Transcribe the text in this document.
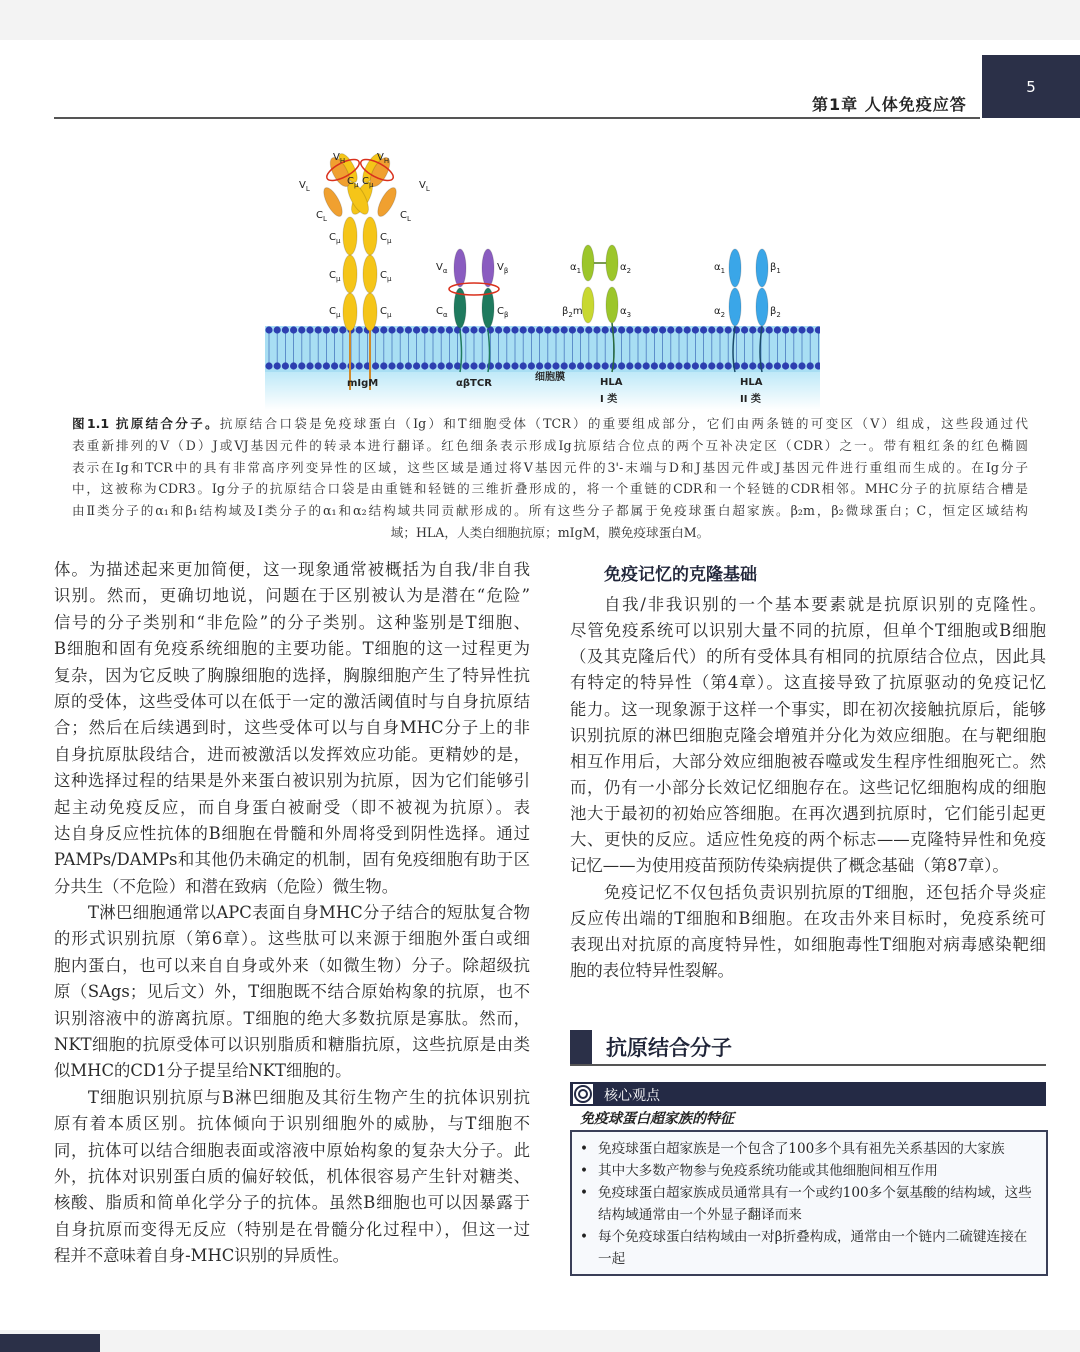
第1章 人体免疫应答
5
$V_H$	$V_H$
$V_L$	$V_L$
$C_\mu$ $C_\mu$
$C_L$	$C_L$
$C_\mu$	$C_\mu$
$C_\mu$	$C_\mu$
$C_\mu$	$C_\mu$
$V_\alpha$	$V_\beta$
$C_\alpha$	$C_\beta$
$\alpha_1$	$\alpha_2$
$\beta_2m$	$\alpha_3$
$\alpha_1$	$\beta_1$
$\alpha_2$	$\beta_2$
mIgM	αβTCR
细胞膜	HLA
I 类
HLA
II 类
图1.1 抗原结合分子。抗原结合口袋是免疫球蛋白（Ig）和T细胞受体（TCR）的重要组成部分，它们由两条链的可变区（V）组成，这些段通过代
表重新排列的V（D）J或VJ基因元件的转录本进行翻译。红色细条表示形成Ig抗原结合位点的两个互补决定区（CDR）之一。带有粗红条的红色椭圆
表示在Ig和TCR中的具有非常高序列变异性的区域，这些区域是通过将V基因元件的3'-末端与D和J基因元件或J基因元件进行重组而生成的。在Ig分子
中，这被称为CDR3。Ig分子的抗原结合口袋是由重链和轻链的三维折叠形成的，将一个重链的CDR和一个轻链的CDR相邻。MHC分子的抗原结合槽是
由Ⅱ类分子的α₁和β₁结构域及Ⅰ类分子的α₁和α₂结构域共同贡献形成的。所有这些分子都属于免疫球蛋白超家族。β₂m，β₂微球蛋白；C，恒定区域结构
域；HLA，人类白细胞抗原；mIgM，膜免疫球蛋白M。
体。为描述起来更加简便，这一现象通常被概括为自我/非自我
识别。然而，更确切地说，问题在于区别被认为是潜在“危险”
信号的分子类别和“非危险”的分子类别。这种鉴别是T细胞、
B细胞和固有免疫系统细胞的主要功能。T细胞的这一过程更为
复杂，因为它反映了胸腺细胞的选择，胸腺细胞产生了特异性抗
原的受体，这些受体可以在低于一定的激活阈值时与自身抗原结
合；然后在后续遇到时，这些受体可以与自身MHC分子上的非
自身抗原肽段结合，进而被激活以发挥效应功能。更精妙的是，
这种选择过程的结果是外来蛋白被识别为抗原，因为它们能够引
起主动免疫反应，而自身蛋白被耐受（即不被视为抗原）。表
达自身反应性抗体的B细胞在骨髓和外周将受到阴性选择。通过
PAMPs/DAMPs和其他仍未确定的机制，固有免疫细胞有助于区
分共生（不危险）和潜在致病（危险）微生物。
T淋巴细胞通常以APC表面自身MHC分子结合的短肽复合物
的形式识别抗原（第6章）。这些肽可以来源于细胞外蛋白或细
胞内蛋白，也可以来自自身或外来（如微生物）分子。除超级抗
原（SAgs；见后文）外，T细胞既不结合原始构象的抗原，也不
识别溶液中的游离抗原。T细胞的绝大多数抗原是寡肽。然而，
NKT细胞的抗原受体可以识别脂质和糖脂抗原，这些抗原是由类
似MHC的CD1分子提呈给NKT细胞的。
T细胞识别抗原与B淋巴细胞及其衍生物产生的抗体识别抗
原有着本质区别。抗体倾向于识别细胞外的威胁，与T细胞不
同，抗体可以结合细胞表面或溶液中原始构象的复杂大分子。此
外，抗体对识别蛋白质的偏好较低，机体很容易产生针对糖类、
核酸、脂质和简单化学分子的抗体。虽然B细胞也可以因暴露于
自身抗原而变得无反应（特别是在骨髓分化过程中），但这一过
程并不意味着自身-MHC识别的异质性。
免疫记忆的克隆基础
自我/非我识别的一个基本要素就是抗原识别的克隆性。
尽管免疫系统可以识别大量不同的抗原，但单个T细胞或B细胞
（及其克隆后代）的所有受体具有相同的抗原结合位点，因此具
有特定的特异性（第4章）。这直接导致了抗原驱动的免疫记忆
能力。这一现象源于这样一个事实，即在初次接触抗原后，能够
识别抗原的淋巴细胞克隆会增殖并分化为效应细胞。在与靶细胞
相互作用后，大部分效应细胞被吞噬或发生程序性细胞死亡。然
而，仍有一小部分长效记忆细胞存在。这些记忆细胞构成的细胞
池大于最初的初始应答细胞。在再次遇到抗原时，它们能引起更
大、更快的反应。适应性免疫的两个标志——克隆特异性和免疫
记忆——为使用疫苗预防传染病提供了概念基础（第87章）。
免疫记忆不仅包括负责识别抗原的T细胞，还包括介导炎症
反应传出端的T细胞和B细胞。在攻击外来目标时，免疫系统可
表现出对抗原的高度特异性，如细胞毒性T细胞对病毒感染靶细
胞的表位特异性裂解。
抗原结合分子
核心观点
免疫球蛋白超家族的特征
• 免疫球蛋白超家族是一个包含了100多个具有祖先关系基因的大家族
• 其中大多数产物参与免疫系统功能或其他细胞间相互作用
• 免疫球蛋白超家族成员通常具有一个或约100多个氨基酸的结构域，这些结构域通常由一个外显子翻译而来
• 每个免疫球蛋白结构域由一对β折叠构成，通常由一个链内二硫键连接在一起
